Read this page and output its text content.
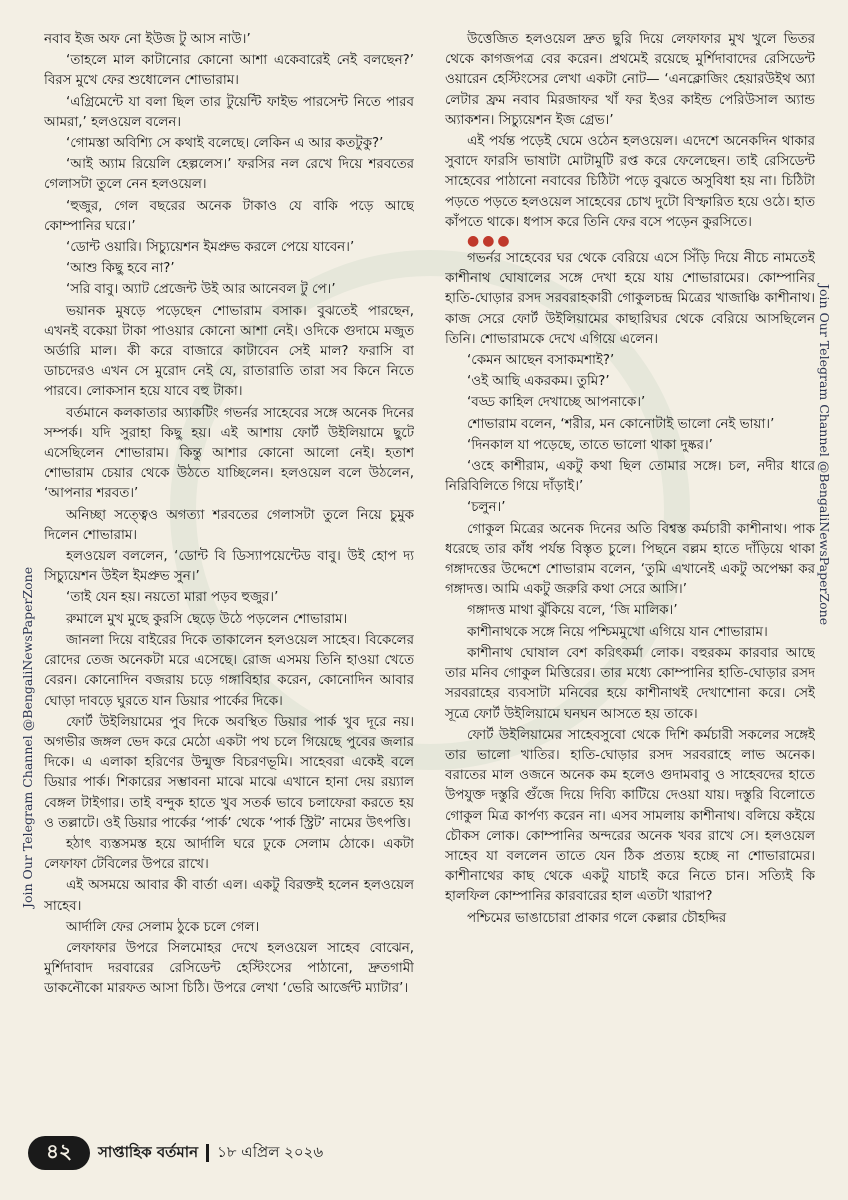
নবাব ইজ অফ নো ইউজ টু আস নাউ।’

‘তাহলে মাল কাটানোর কোনো আশা একেবারেই নেই বলছেন?’ বিরস মুখে ফের শুধোলেন শোভারাম।

‘এগ্রিমেন্টে যা বলা ছিল তার টুয়েন্টি ফাইভ পারসেন্ট নিতে পারব আমরা,’ হলওয়েল বলেন।

‘গোমস্তা অবিশ্যি সে কথাই বলেছে। লেকিন এ আর কতটুকু?’

‘আই অ্যাম রিয়েলি হেল্পলেস।’ ফরসির নল রেখে দিয়ে শরবতের গেলাসটা তুলে নেন হলওয়েল।

‘হুজুর, গেল বছরের অনেক টাকাও যে বাকি পড়ে আছে কোম্পানির ঘরে।’

‘ডোন্ট ওয়ারি। সিচ্যুয়েশন ইমপ্রুভ করলে পেয়ে যাবেন।’

‘আশু কিছু হবে না?’

‘সরি বাবু। অ্যাট প্রেজেন্ট উই আর আনেবল টু পে।’

ভয়ানক মুষড়ে পড়েছেন শোভারাম বসাক। বুঝতেই পারছেন, এখনই বকেয়া টাকা পাওয়ার কোনো আশা নেই। ওদিকে গুদামে মজুত অর্ডারি মাল। কী করে বাজারে কাটাবেন সেই মাল? ফরাসি বা ডাচদেরও এখন সে মুরোদ নেই যে, রাতারাতি তারা সব কিনে নিতে পারবে। লোকসান হয়ে যাবে বহু টাকা।

বর্তমানে কলকাতার অ্যাকটিং গভর্নর সাহেবের সঙ্গে অনেক দিনের সম্পর্ক। যদি সুরাহা কিছু হয়। এই আশায় ফোর্ট উইলিয়ামে ছুটে এসেছিলেন শোভারাম। কিন্তু আশার কোনো আলো নেই। হতাশ শোভারাম চেয়ার থেকে উঠতে যাচ্ছিলেন। হলওয়েল বলে উঠলেন, ‘আপনার শরবত।’

অনিচ্ছা সত্ত্বেও অগত্যা শরবতের গেলাসটা তুলে নিয়ে চুমুক দিলেন শোভারাম।

হলওয়েল বললেন, ‘ডোন্ট বি ডিস্যাপয়েন্টেড বাবু। উই হোপ দ্য সিচ্যুয়েশন উইল ইমপ্রুভ সুন।’

‘তাই যেন হয়। নয়তো মারা পড়ব হুজুর।’

রুমালে মুখ মুছে কুরসি ছেড়ে উঠে পড়লেন শোভারাম।

জানলা দিয়ে বাইরের দিকে তাকালেন হলওয়েল সাহেব। বিকেলের রোদের তেজ অনেকটা মরে এসেছে। রোজ এসময় তিনি হাওয়া খেতে বেরন। কোনোদিন বজরায় চড়ে গঙ্গাবিহার করেন, কোনোদিন আবার ঘোড়া দাবড়ে ঘুরতে যান ডিয়ার পার্কের দিকে।

ফোর্ট উইলিয়ামের পুব দিকে অবস্থিত ডিয়ার পার্ক খুব দূরে নয়। অগভীর জঙ্গল ভেদ করে মেঠো একটা পথ চলে গিয়েছে পুবের জলার দিকে। এ এলাকা হরিণের উন্মুক্ত বিচরণভূমি। সাহেবরা একেই বলে ডিয়ার পার্ক। শিকারের সম্ভাবনা মাঝে মাঝে এখানে হানা দেয় রয়্যাল বেঙ্গল টাইগার। তাই বন্দুক হাতে খুব সতর্ক ভাবে চলাফেরা করতে হয় ও তল্লাটে। ওই ডিয়ার পার্কের ‘পার্ক’ থেকে ‘পার্ক স্ট্রিট’ নামের উৎপত্তি।

হঠাৎ ব্যস্তসমস্ত হয়ে আর্দালি ঘরে ঢুকে সেলাম ঠোকে। একটা লেফাফা টেবিলের উপরে রাখে।

এই অসময়ে আবার কী বার্তা এল। একটু বিরক্তই হলেন হলওয়েল সাহেব।

আর্দালি ফের সেলাম ঠুকে চলে গেল।

লেফাফার উপরে সিলমোহর দেখে হলওয়েল সাহেব বোঝেন, মুর্শিদাবাদ দরবারের রেসিডেন্ট হেস্টিংসের পাঠানো, দ্রুতগামী ডাকনৌকো মারফত আসা চিঠি। উপরে লেখা ‘ভেরি আর্জেন্ট ম্যাটার’।

উত্তেজিত হলওয়েল দ্রুত ছুরি দিয়ে লেফাফার মুখ খুলে ভিতর থেকে কাগজপত্র বের করেন। প্রথমেই রয়েছে মুর্শিদাবাদের রেসিডেন্ট ওয়ারেন হেস্টিংসের লেখা একটা নোট— ‘এনক্লোজিং হেয়ারউইথ অ্যা লেটার ফ্রম নবাব মিরজাফর খাঁ ফর ইওর কাইন্ড পেরিউসাল অ্যান্ড অ্যাকশন। সিচ্যুয়েশন ইজ গ্রেভ।’

এই পর্যন্ত পড়েই ঘেমে ওঠেন হলওয়েল। এদেশে অনেকদিন থাকার সুবাদে ফারসি ভাষাটা মোটামুটি রপ্ত করে ফেলেছেন। তাই রেসিডেন্ট সাহেবের পাঠানো নবাবের চিঠিটা পড়ে বুঝতে অসুবিধা হয় না। চিঠিটা পড়তে পড়তে হলওয়েল সাহেবের চোখ দুটো বিস্ফারিত হয়ে ওঠে। হাত কাঁপতে থাকে। ধপাস করে তিনি ফের বসে পড়েন কুরসিতে।

●●●

গভর্নর সাহেবের ঘর থেকে বেরিয়ে এসে সিঁড়ি দিয়ে নীচে নামতেই কাশীনাথ ঘোষালের সঙ্গে দেখা হয়ে যায় শোভারামের। কোম্পানির হাতি-ঘোড়ার রসদ সরবরাহকারী গোকুলচন্দ্র মিত্রের খাজাঞ্চি কাশীনাথ। কাজ সেরে ফোর্ট উইলিয়ামের কাছারিঘর থেকে বেরিয়ে আসছিলেন তিনি। শোভারামকে দেখে এগিয়ে এলেন।

‘কেমন আছেন বসাকমশাই?’

‘ওই আছি একরকম। তুমি?’

‘বড্ড কাহিল দেখাচ্ছে আপনাকে।’

শোভারাম বলেন, ‘শরীর, মন কোনোটাই ভালো নেই ভায়া।’

‘দিনকাল যা পড়েছে, তাতে ভালো থাকা দুষ্কর।’

‘ওহে কাশীরাম, একটু কথা ছিল তোমার সঙ্গে। চল, নদীর ধারে নিরিবিলিতে গিয়ে দাঁড়াই।’

‘চলুন।’

গোকুল মিত্রের অনেক দিনের অতি বিশ্বস্ত কর্মচারী কাশীনাথ। পাক ধরেছে তার কাঁধ পর্যন্ত বিস্তৃত চুলে। পিছনে বল্লম হাতে দাঁড়িয়ে থাকা গঙ্গাদত্তের উদ্দেশে শোভারাম বলেন, ‘তুমি এখানেই একটু অপেক্ষা কর গঙ্গাদত্ত। আমি একটু জরুরি কথা সেরে আসি।’

গঙ্গাদত্ত মাথা ঝুঁকিয়ে বলে, ‘জি মালিক।’

কাশীনাথকে সঙ্গে নিয়ে পশ্চিমমুখো এগিয়ে যান শোভারাম।

কাশীনাথ ঘোষাল বেশ করিৎকর্মা লোক। বহুরকম কারবার আছে তার মনিব গোকুল মিত্তিরের। তার মধ্যে কোম্পানির হাতি-ঘোড়ার রসদ সরবরাহের ব্যবসাটা মনিবের হয়ে কাশীনাথই দেখাশোনা করে। সেই সূত্রে ফোর্ট উইলিয়ামে ঘনঘন আসতে হয় তাকে।

ফোর্ট উইলিয়ামের সাহেবসুবো থেকে দিশি কর্মচারী সকলের সঙ্গেই তার ভালো খাতির। হাতি-ঘোড়ার রসদ সরবরাহে লাভ অনেক। বরাতের মাল ওজনে অনেক কম হলেও গুদামবাবু ও সাহেবদের হাতে উপযুক্ত দস্তুরি গুঁজে দিয়ে দিব্যি কাটিয়ে দেওয়া যায়। দস্তুরি বিলোতে গোকুল মিত্র কার্পণ্য করেন না। এসব সামলায় কাশীনাথ। বলিয়ে কইয়ে চৌকস লোক। কোম্পানির অন্দরের অনেক খবর রাখে সে। হলওয়েল সাহেব যা বললেন তাতে যেন ঠিক প্রত্যয় হচ্ছে না শোভারামের। কাশীনাথের কাছ থেকে একটু যাচাই করে নিতে চান। সত্যিই কি হালফিল কোম্পানির কারবারের হাল এতটা খারাপ?

পশ্চিমের ভাঙাচোরা প্রাকার গলে কেল্লার চৌহদ্দির

Join Our Telegram Channel @BengaliNewsPaperZone
Join Our Telegram Channel @BengaliNewsPaperZone
৪২	সাপ্তাহিক বর্তমান ১৮ এপ্রিল ২০২৬
